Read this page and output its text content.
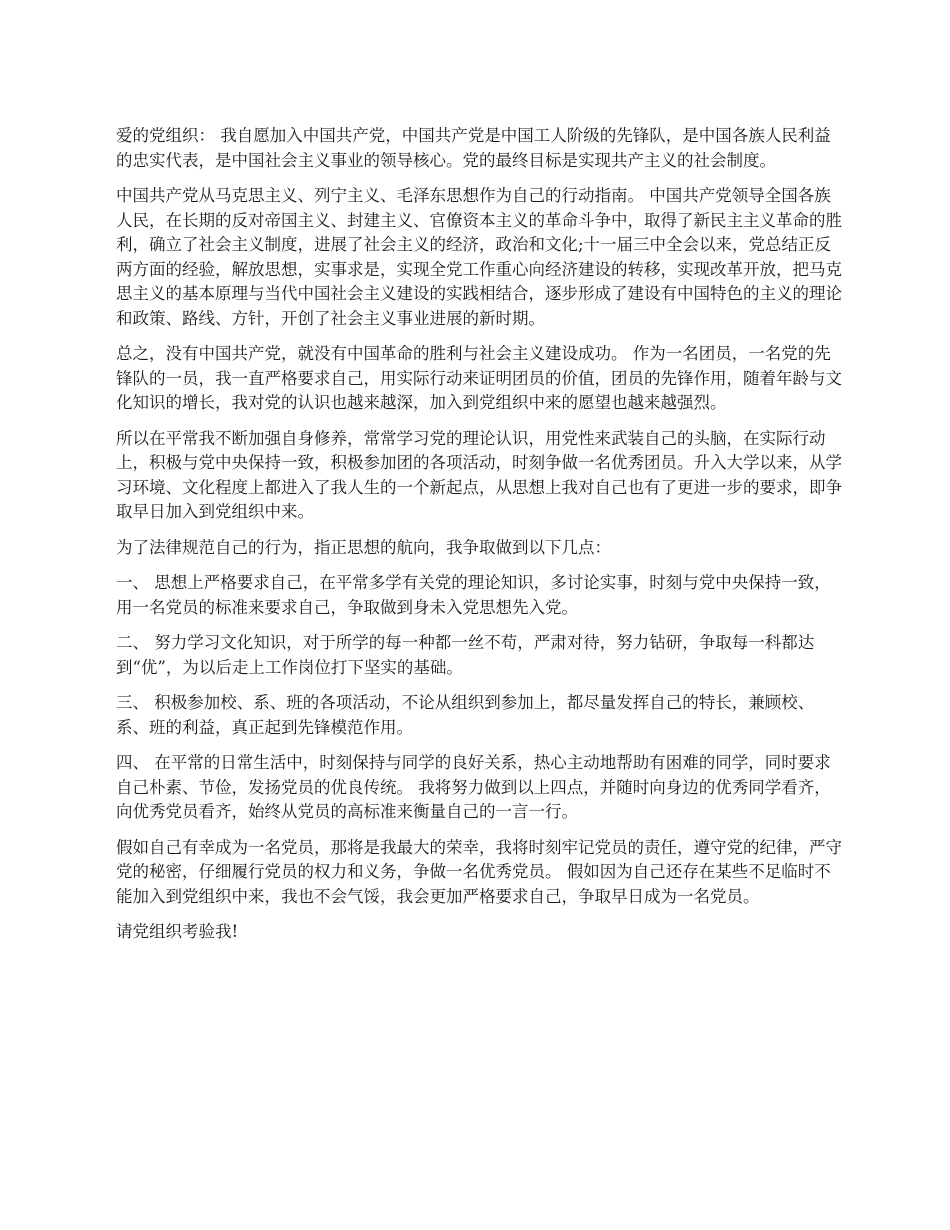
爱的党组织： 我自愿加入中国共产党，中国共产党是中国工人阶级的先锋队，是中国各族人民利益的忠实代表，是中国社会主义事业的领导核心。党的最终目标是实现共产主义的社会制度。

中国共产党从马克思主义、列宁主义、毛泽东思想作为自己的行动指南。 中国共产党领导全国各族人民，在长期的反对帝国主义、封建主义、官僚资本主义的革命斗争中，取得了新民主主义革命的胜利，确立了社会主义制度，进展了社会主义的经济，政治和文化;十一届三中全会以来，党总结正反两方面的经验，解放思想，实事求是，实现全党工作重心向经济建设的转移，实现改革开放，把马克思主义的基本原理与当代中国社会主义建设的实践相结合，逐步形成了建设有中国特色的主义的理论和政策、路线、方针，开创了社会主义事业进展的新时期。

总之，没有中国共产党，就没有中国革命的胜利与社会主义建设成功。 作为一名团员，一名党的先锋队的一员，我一直严格要求自己，用实际行动来证明团员的价值，团员的先锋作用，随着年龄与文化知识的增长，我对党的认识也越来越深，加入到党组织中来的愿望也越来越强烈。

所以在平常我不断加强自身修养，常常学习党的理论认识，用党性来武装自己的头脑，在实际行动上，积极与党中央保持一致，积极参加团的各项活动，时刻争做一名优秀团员。升入大学以来，从学习环境、文化程度上都进入了我人生的一个新起点，从思想上我对自己也有了更进一步的要求，即争取早日加入到党组织中来。

为了法律规范自己的行为，指正思想的航向，我争取做到以下几点：

一、 思想上严格要求自己，在平常多学有关党的理论知识，多讨论实事，时刻与党中央保持一致，用一名党员的标准来要求自己，争取做到身未入党思想先入党。

二、 努力学习文化知识，对于所学的每一种都一丝不苟，严肃对待，努力钻研，争取每一科都达到“优”，为以后走上工作岗位打下坚实的基础。

三、 积极参加校、系、班的各项活动，不论从组织到参加上，都尽量发挥自己的特长，兼顾校、系、班的利益，真正起到先锋模范作用。

四、 在平常的日常生活中，时刻保持与同学的良好关系，热心主动地帮助有困难的同学，同时要求自己朴素、节俭，发扬党员的优良传统。 我将努力做到以上四点，并随时向身边的优秀同学看齐，向优秀党员看齐，始终从党员的高标准来衡量自己的一言一行。

假如自己有幸成为一名党员，那将是我最大的荣幸，我将时刻牢记党员的责任，遵守党的纪律，严守党的秘密，仔细履行党员的权力和义务，争做一名优秀党员。 假如因为自己还存在某些不足临时不能加入到党组织中来，我也不会气馁，我会更加严格要求自己，争取早日成为一名党员。

请党组织考验我!
